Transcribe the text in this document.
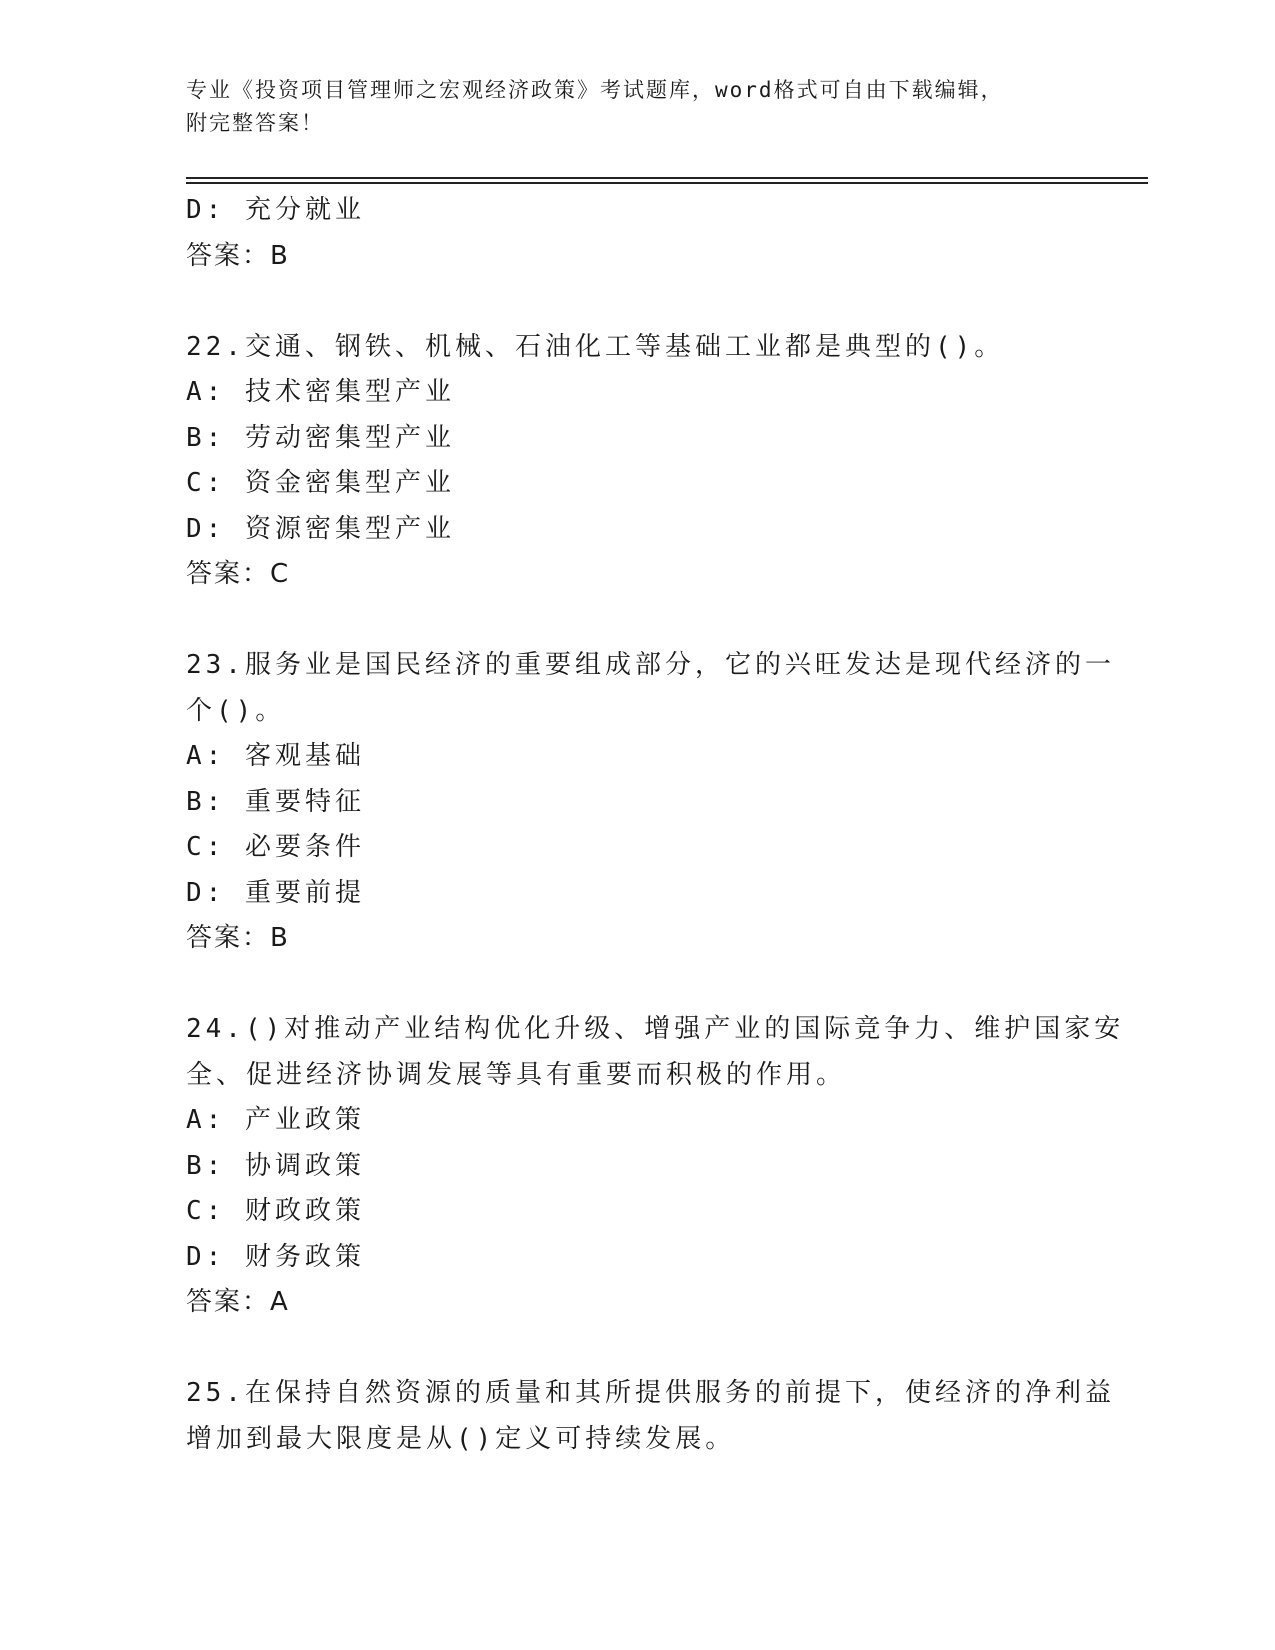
专业《投资项目管理师之宏观经济政策》考试题库，word格式可自由下载编辑，
附完整答案！
D: 充分就业
答案：B
22.交通、钢铁、机械、石油化工等基础工业都是典型的()。
A: 技术密集型产业
B: 劳动密集型产业
C: 资金密集型产业
D: 资源密集型产业
答案：C
23.服务业是国民经济的重要组成部分，它的兴旺发达是现代经济的一
个()。
A: 客观基础
B: 重要特征
C: 必要条件
D: 重要前提
答案：B
24.()对推动产业结构优化升级、增强产业的国际竞争力、维护国家安
全、促进经济协调发展等具有重要而积极的作用。
A: 产业政策
B: 协调政策
C: 财政政策
D: 财务政策
答案：A
25.在保持自然资源的质量和其所提供服务的前提下，使经济的净利益
增加到最大限度是从()定义可持续发展。
